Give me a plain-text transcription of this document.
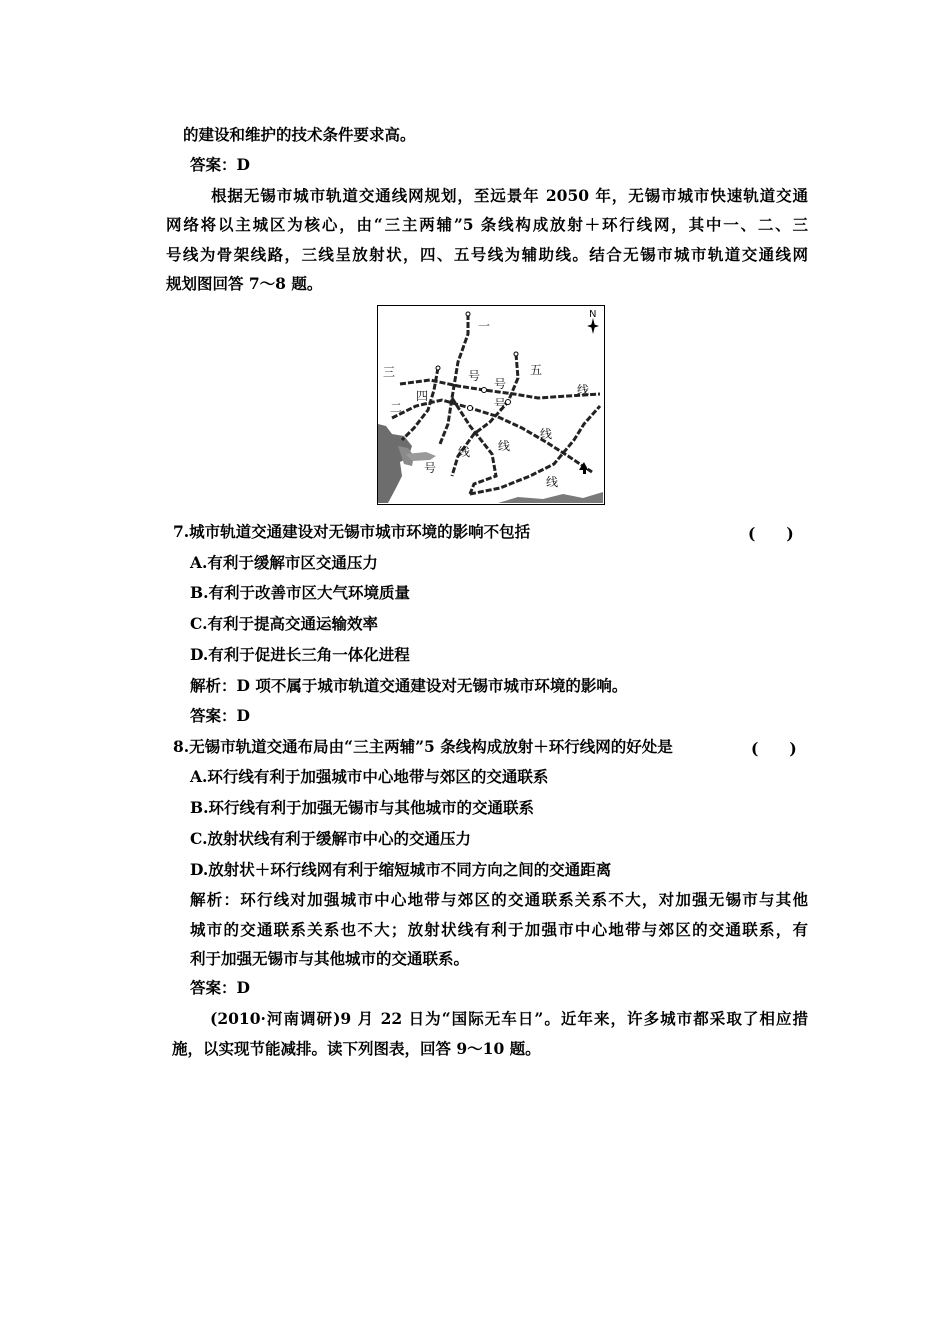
的建设和维护的技术条件要求高。
答案：D
根据无锡市城市轨道交通线网规划，至远景年 2050 年，无锡市城市快速轨道交通
网络将以主城区为核心，由“三主两辅”5 条线构成放射＋环行线网，其中一、二、三
号线为骨架线路，三线呈放射状，四、五号线为辅助线。结合无锡市城市轨道交通线网
规划图回答 7～8 题。
N
一
三
二
四
五
号
号
号
号
线
线
线
线
线
7.城市轨道交通建设对无锡市城市环境的影响不包括	(　　)
A.有利于缓解市区交通压力
B.有利于改善市区大气环境质量
C.有利于提高交通运输效率
D.有利于促进长三角一体化进程
解析：D 项不属于城市轨道交通建设对无锡市城市环境的影响。
答案：D
8.无锡市轨道交通布局由“三主两辅”5 条线构成放射＋环行线网的好处是	(　　)
A.环行线有利于加强城市中心地带与郊区的交通联系
B.环行线有利于加强无锡市与其他城市的交通联系
C.放射状线有利于缓解市中心的交通压力
D.放射状＋环行线网有利于缩短城市不同方向之间的交通距离
解析：环行线对加强城市中心地带与郊区的交通联系关系不大，对加强无锡市与其他
城市的交通联系关系也不大；放射状线有利于加强市中心地带与郊区的交通联系，有
利于加强无锡市与其他城市的交通联系。
答案：D
(2010·河南调研)9 月 22 日为“国际无车日”。近年来，许多城市都采取了相应措
施，以实现节能减排。读下列图表，回答 9～10 题。
